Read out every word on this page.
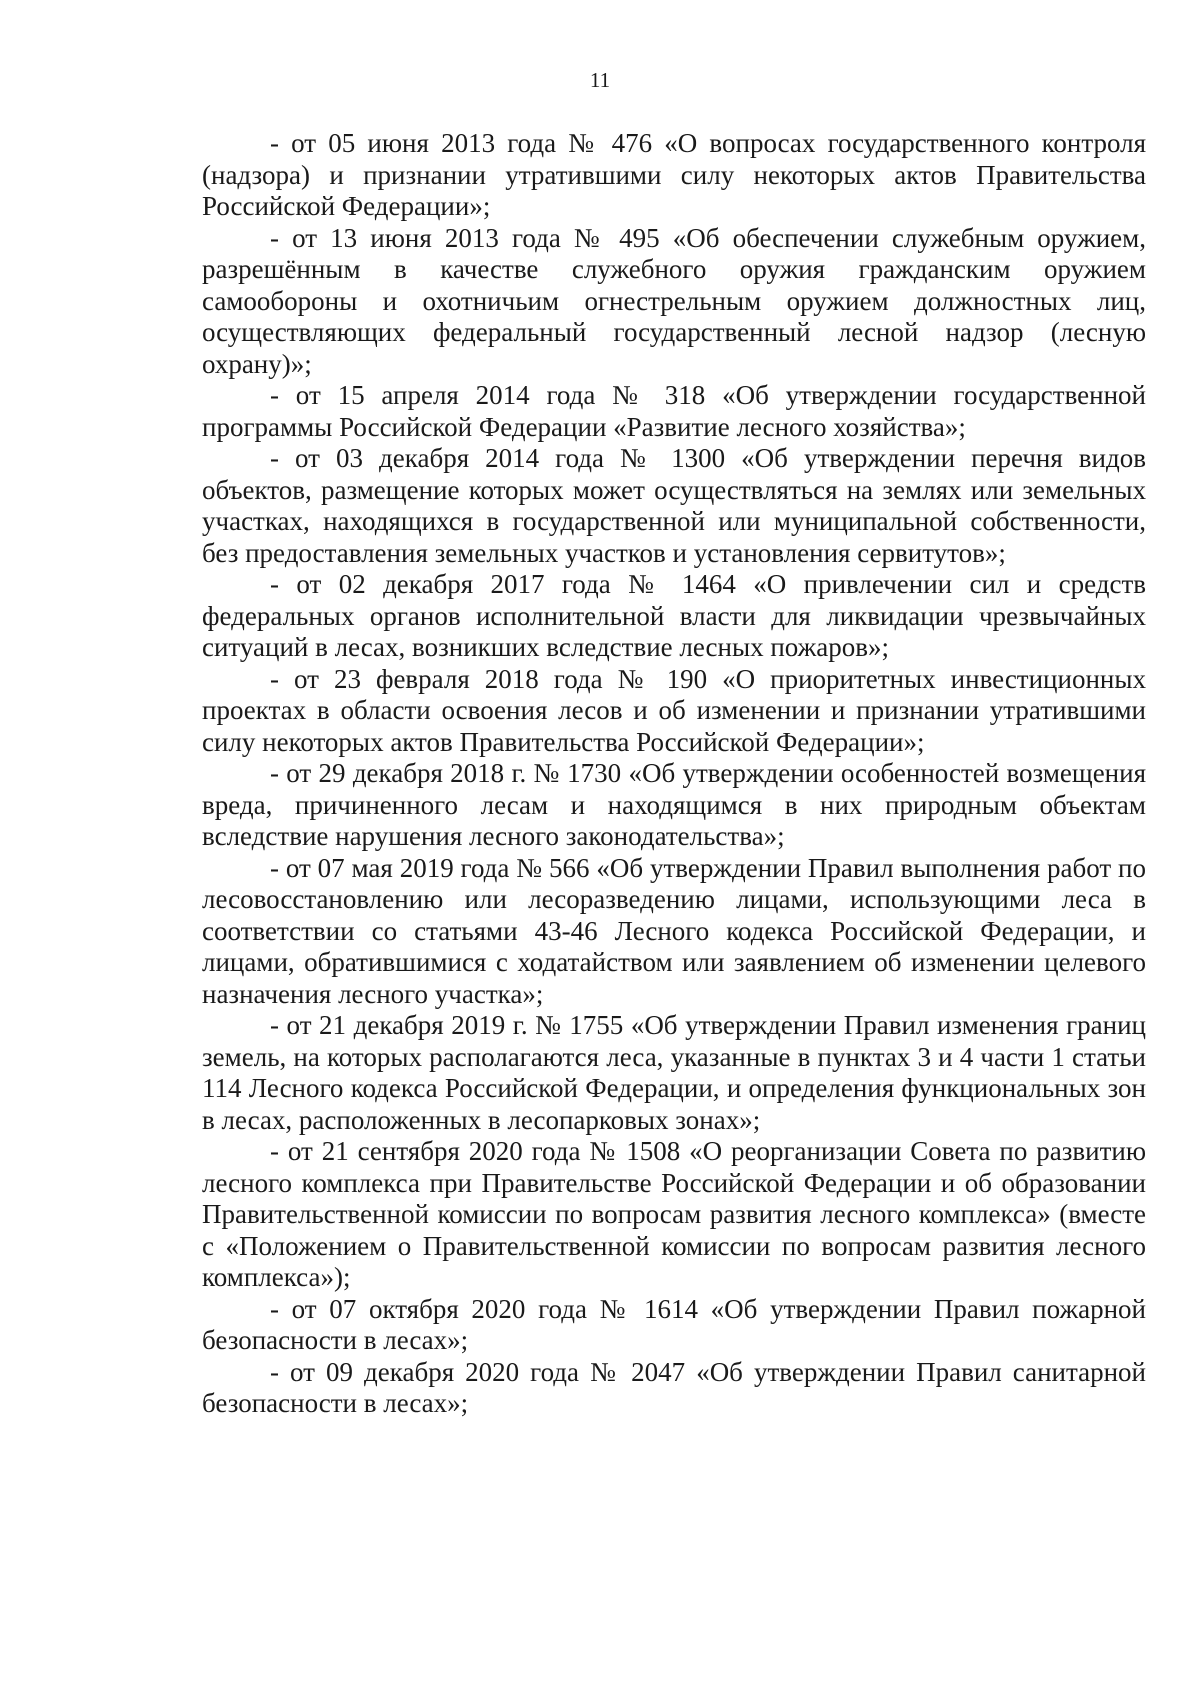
11

- от 05 июня 2013 года № 476 «О вопросах государственного контроля (надзора) и признании утратившими силу некоторых актов Правительства Российской Федерации»;

- от 13 июня 2013 года № 495 «Об обеспечении служебным оружием, разрешённым в качестве служебного оружия гражданским оружием самообороны и охотничьим огнестрельным оружием должностных лиц, осуществляющих федеральный государственный лесной надзор (лесную охрану)»;

- от 15 апреля 2014 года № 318 «Об утверждении государственной программы Российской Федерации «Развитие лесного хозяйства»;

- от 03 декабря 2014 года № 1300 «Об утверждении перечня видов объектов, размещение которых может осуществляться на землях или земельных участках, находящихся в государственной или муниципальной собственности, без предоставления земельных участков и установления сервитутов»;

- от 02 декабря 2017 года № 1464 «О привлечении сил и средств федеральных органов исполнительной власти для ликвидации чрезвычайных ситуаций в лесах, возникших вследствие лесных пожаров»;

- от 23 февраля 2018 года № 190 «О приоритетных инвестиционных проектах в области освоения лесов и об изменении и признании утратившими силу некоторых актов Правительства Российской Федерации»;

- от 29 декабря 2018 г. № 1730 «Об утверждении особенностей возмещения вреда, причиненного лесам и находящимся в них природным объектам вследствие нарушения лесного законодательства»;

- от 07 мая 2019 года № 566 «Об утверждении Правил выполнения работ по лесовосстановлению или лесоразведению лицами, использующими леса в соответствии со статьями 43-46 Лесного кодекса Российской Федерации, и лицами, обратившимися с ходатайством или заявлением об изменении целевого назначения лесного участка»;

- от 21 декабря 2019 г. № 1755 «Об утверждении Правил изменения границ земель, на которых располагаются леса, указанные в пунктах 3 и 4 части 1 статьи 114 Лесного кодекса Российской Федерации, и определения функциональных зон в лесах, расположенных в лесопарковых зонах»;

- от 21 сентября 2020 года № 1508 «О реорганизации Совета по развитию лесного комплекса при Правительстве Российской Федерации и об образовании Правительственной комиссии по вопросам развития лесного комплекса» (вместе с «Положением о Правительственной комиссии по вопросам развития лесного комплекса»);

- от 07 октября 2020 года № 1614 «Об утверждении Правил пожарной безопасности в лесах»;

- от 09 декабря 2020 года № 2047 «Об утверждении Правил санитарной безопасности в лесах»;
